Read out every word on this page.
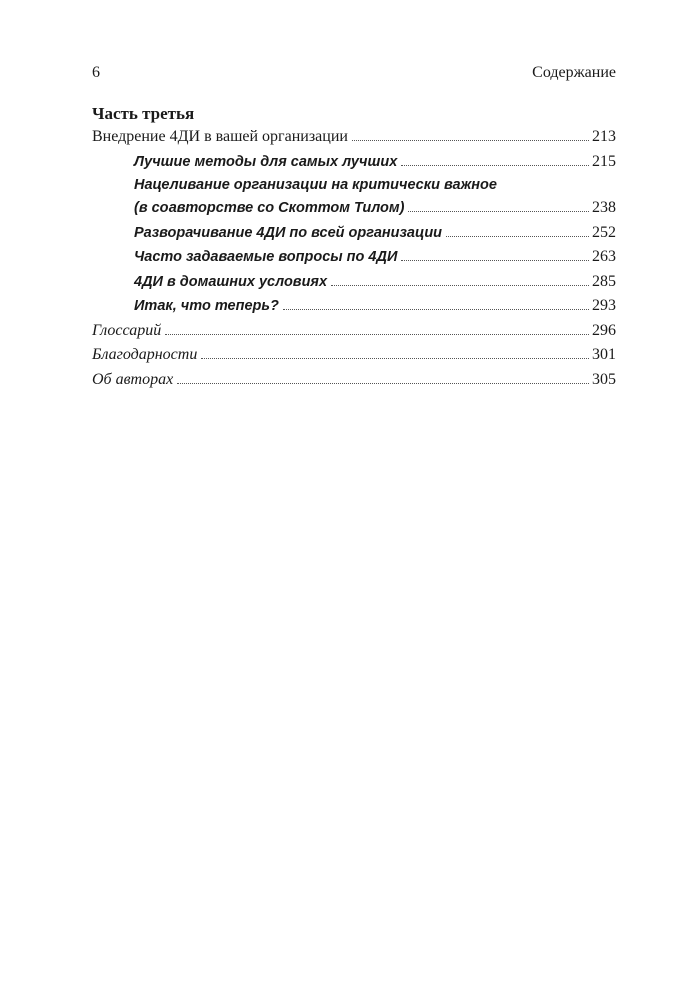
6	Содержание
Часть третья
Внедрение 4ДИ в вашей организации	213
Лучшие методы для самых лучших	215
Нацеливание организации на критически важное
(в соавторстве со Скоттом Тилом)	238
Разворачивание 4ДИ по всей организации	252
Часто задаваемые вопросы по 4ДИ	263
4ДИ в домашних условиях	285
Итак, что теперь?	293
Глоссарий	296
Благодарности	301
Об авторах	305
